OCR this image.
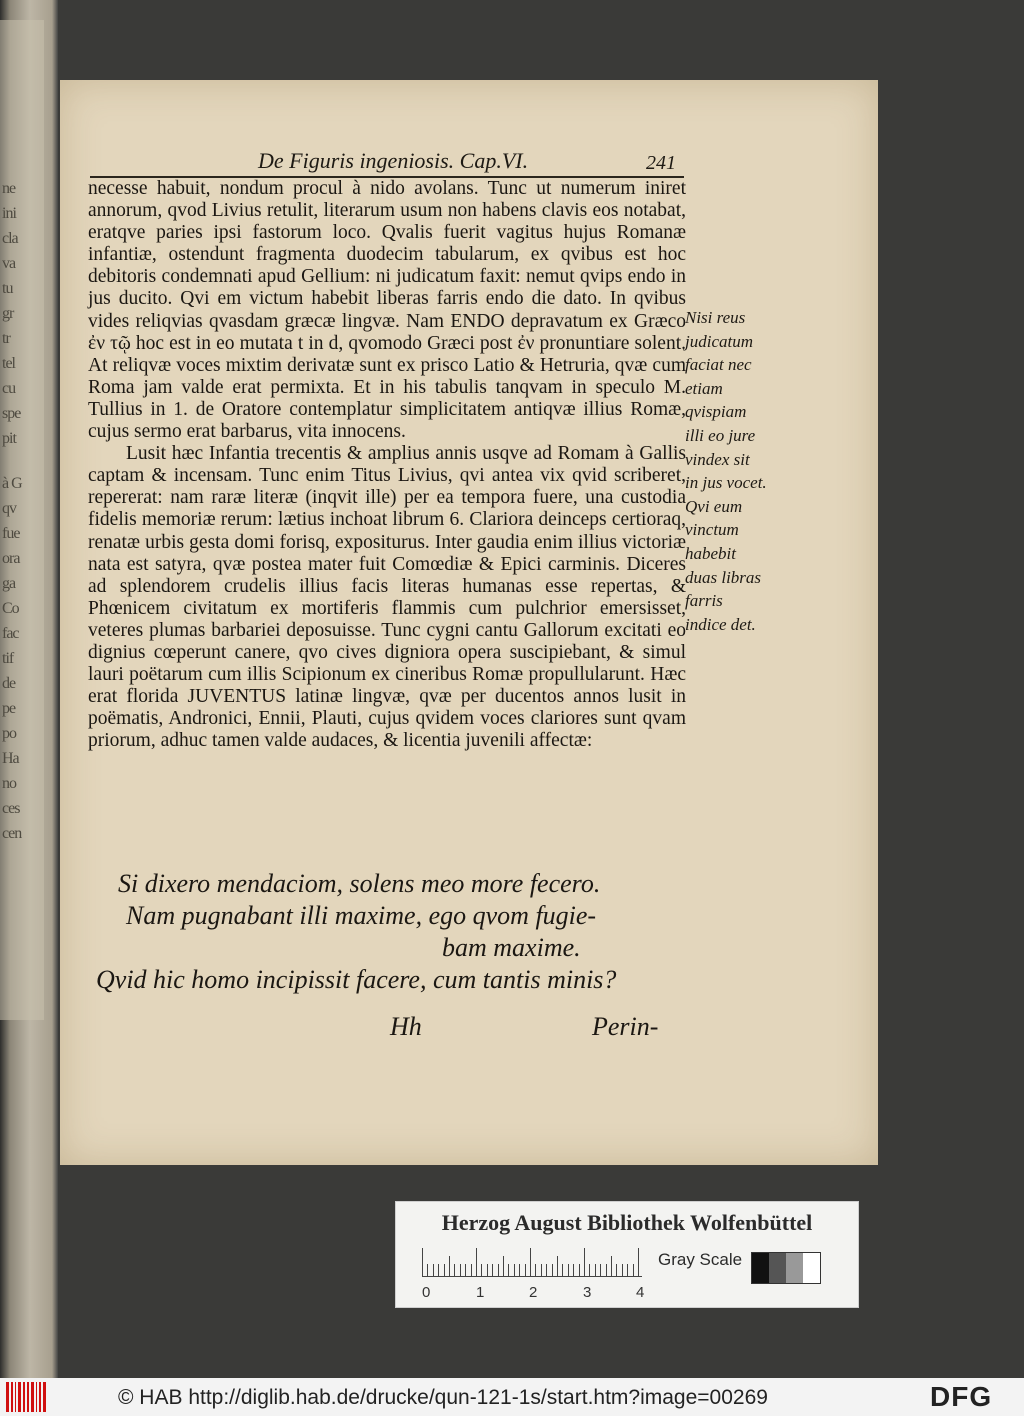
ne
ini
cla
va
tu
gr
tr
tel
cu
spe
pit
à G
qv
fue
ora
ga
Co
fac
tif
de
pe
po
Ha
no
ces
cen
De Figuris ingeniosis. Cap.VI.	241

necesse habuit, nondum procul à nido avolans. Tunc ut numerum iniret annorum, qvod Livius retulit, literarum usum non habens clavis eos notabat, eratqve paries ipsi fastorum loco. Qvalis fuerit vagitus hujus Romanæ infantiæ, ostendunt fragmenta duodecim tabularum, ex qvibus est hoc debitoris condemnati apud Gellium: ni judicatum faxit: nemut qvips endo in jus ducito. Qvi em victum habebit liberas farris endo die dato. In qvibus vides reliqvias qvasdam græcæ lingvæ. Nam ENDO depravatum ex Græco ἐν τῷ hoc est in eo mutata t in d, qvomodo Græci post ἐν pronuntiare solent. At reliqvæ voces mixtim derivatæ sunt ex prisco Latio & Hetruria, qvæ cum Roma jam valde erat permixta. Et in his tabulis tanqvam in speculo M. Tullius in 1. de Oratore contemplatur simplicitatem antiqvæ illius Romæ, cujus sermo erat barbarus, vita innocens.

Lusit hæc Infantia trecentis & amplius annis usqve ad Romam à Gallis captam & incensam. Tunc enim Titus Livius, qvi antea vix qvid scriberet, repererat: nam raræ literæ (inqvit ille) per ea tempora fuere, una custodia fidelis memoriæ rerum: lætius inchoat librum 6. Clariora deinceps certioraq, renatæ urbis gesta domi forisq, expositurus. Inter gaudia enim illius victoriæ nata est satyra, qvæ postea mater fuit Comœdiæ & Epici carminis. Diceres ad splendorem crudelis illius facis literas humanas esse repertas, & Phœnicem civitatum ex mortiferis flammis cum pulchrior emersisset, veteres plumas barbariei deposuisse. Tunc cygni cantu Gallorum excitati eo dignius cœperunt canere, qvo cives digniora opera suscipiebant, & simul lauri poëtarum cum illis Scipionum ex cineribus Romæ propullularunt. Hæc erat florida JUVENTUS latinæ lingvæ, qvæ per ducentos annos lusit in poëmatis, Andronici, Ennii, Plauti, cujus qvidem voces clariores sunt qvam priorum, adhuc tamen valde audaces, & licentia juvenili affectæ:

Nisi reus judicatum faciat nec etiam qvispiam illi eo jure vindex sit in jus vocet. Qvi eum vinctum habebit duas libras farris indice det.
Si dixero mendaciom, solens meo more fecero.
Nam pugnabant illi maxime, ego qvom fugie-
bam maxime.
Qvid hic homo incipissit facere, cum tantis minis?
Hh	Perin-
Herzog August Bibliothek Wolfenbüttel
0	1	2	3	4
Gray Scale
© HAB http://diglib.hab.de/drucke/qun-121-1s/start.htm?image=00269	DFG
